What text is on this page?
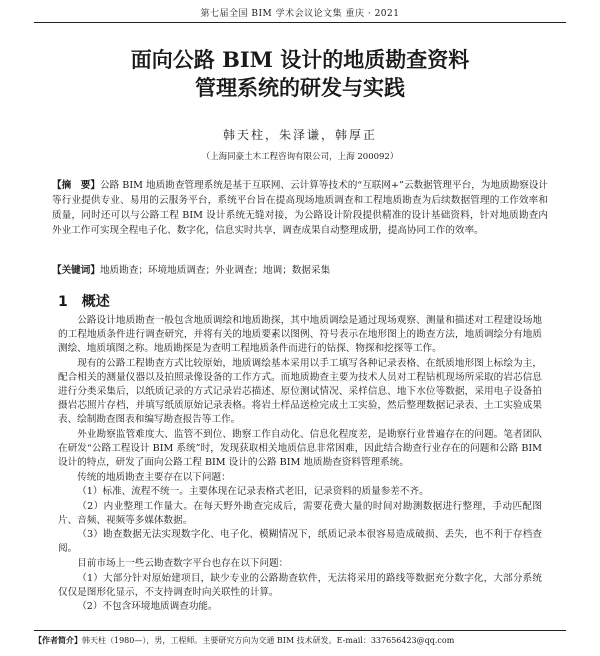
第七届全国 BIM 学术会议论文集 重庆 · 2021
面向公路 BIM 设计的地质勘查资料
管理系统的研发与实践
韩天柱，朱泽谦，韩厚正
（上海同豪土木工程咨询有限公司，上海 200092）
【摘　要】公路 BIM 地质勘查管理系统是基于互联网、云计算等技术的“互联网+”云数据管理平台，为地质勘察设计等行业提供专业、易用的云服务平台，系统平台旨在提高现场地质调查和工程地质勘查为后续数据管理的工作效率和质量，同时还可以与公路工程 BIM 设计系统无缝对接，为公路设计阶段提供精准的设计基础资料，针对地质勘查内外业工作可实现全程电子化、数字化，信息实时共享，调查成果自动整理成册，提高协同工作的效率。
【关键词】地质勘查；环境地质调查；外业调查；地调；数据采集
1 概述

公路设计地质勘查一般包含地质调绘和地质勘探，其中地质调绘是通过现场观察、测量和描述对工程建设场地的工程地质条件进行调查研究，并将有关的地质要素以图例、符号表示在地形图上的勘查方法，地质调绘分有地质测绘、地质填图之称。地质勘探是为查明工程地质条件而进行的钻探、物探和挖探等工作。

现有的公路工程勘查方式比较原始，地质调绘基本采用以手工填写各种记录表格、在纸质地形图上标绘为主，配合相关的测量仪器以及拍照录像设备的工作方式。而地质勘查主要为技术人员对工程钻机现场所采取的岩芯信息进行分类采集后，以纸质记录的方式记录岩芯描述、原位测试情况、采样信息、地下水位等数据，采用电子设备拍摄岩芯照片存档，并填写纸质原始记录表格。将岩土样品送检完成土工实验，然后整理数据记录表、土工实验成果表、绘制勘查图表和编写勘查报告等工作。

外业勘察监管难度大、监管不到位、勘察工作自动化、信息化程度差，是勘察行业普遍存在的问题。笔者团队在研发“公路工程设计 BIM 系统”时，发现获取相关地质信息非常困难，因此结合勘查行业存在的问题和公路 BIM 设计的特点，研发了面向公路工程 BIM 设计的公路 BIM 地质勘查资料管理系统。

传统的地质勘查主要存在以下问题：

（1）标准、流程不统一。主要体现在记录表格式老旧，记录资料的质量参差不齐。

（2）内业整理工作量大。在每天野外勘查完成后，需要花费大量的时间对勘测数据进行整理，手动匹配图片、音频、视频等多媒体数据。

（3）勘查数据无法实现数字化、电子化、模糊情况下，纸质记录本很容易造成破损、丢失，也不利于存档查阅。

目前市场上一些云勘查数字平台也存在以下问题：

（1）大部分针对原始建项目，缺少专业的公路勘查软件，无法将采用的路线等数据充分数字化，大部分系统仅仅是图形化显示，不支持调查时向关联性的计算。

（2）不包含环境地质调查功能。

【作者简介】韩天柱（1980—），男，工程师。主要研究方向为交通 BIM 技术研发。E-mail：337656423@qq.com
